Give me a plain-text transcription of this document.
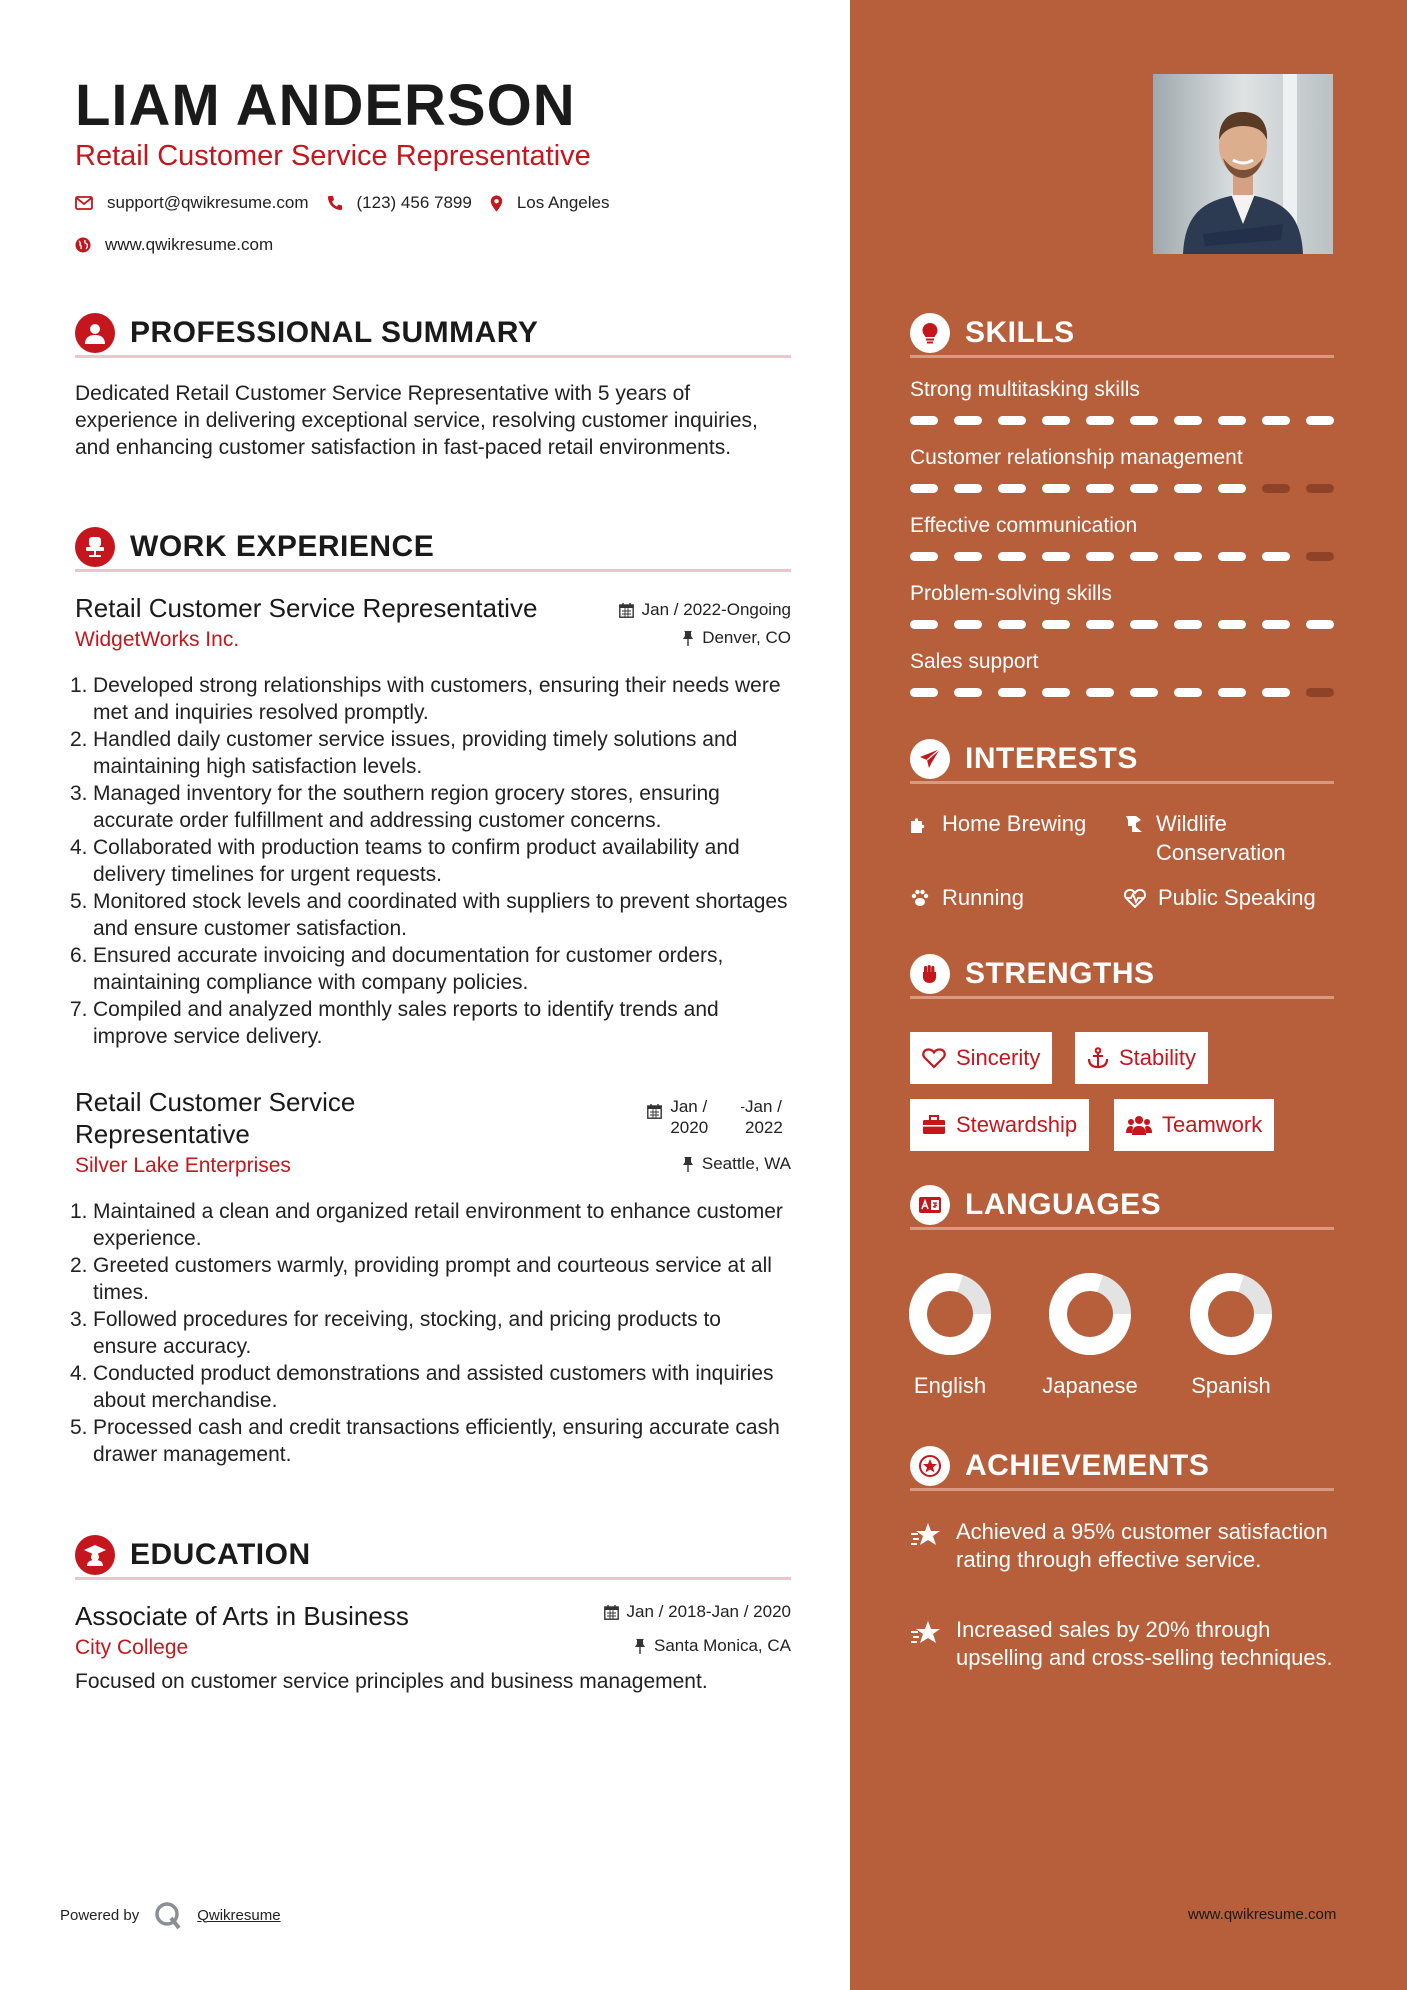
LIAM ANDERSON
Retail Customer Service Representative
support@qwikresume.com	(123) 456 7899	Los Angeles
www.qwikresume.com
PROFESSIONAL SUMMARY
Dedicated Retail Customer Service Representative with 5 years of experience in delivering exceptional service, resolving customer inquiries, and enhancing customer satisfaction in fast-paced retail environments.
WORK EXPERIENCE
Retail Customer Service Representative	Jan / 2022-Ongoing
WidgetWorks Inc.	Denver, CO
1. Developed strong relationships with customers, ensuring their needs were met and inquiries resolved promptly.
2. Handled daily customer service issues, providing timely solutions and maintaining high satisfaction levels.
3. Managed inventory for the southern region grocery stores, ensuring accurate order fulfillment and addressing customer concerns.
4. Collaborated with production teams to confirm product availability and delivery timelines for urgent requests.
5. Monitored stock levels and coordinated with suppliers to prevent shortages and ensure customer satisfaction.
6. Ensured accurate invoicing and documentation for customer orders, maintaining compliance with company policies.
7. Compiled and analyzed monthly sales reports to identify trends and improve service delivery.
Retail Customer Service Representative
Jan / 2020
- Jan / 2022
Silver Lake Enterprises	Seattle, WA
1. Maintained a clean and organized retail environment to enhance customer experience.
2. Greeted customers warmly, providing prompt and courteous service at all times.
3. Followed procedures for receiving, stocking, and pricing products to ensure accuracy.
4. Conducted product demonstrations and assisted customers with inquiries about merchandise.
5. Processed cash and credit transactions efficiently, ensuring accurate cash drawer management.
EDUCATION
Associate of Arts in Business	Jan / 2018-Jan / 2020
City College	Santa Monica, CA
Focused on customer service principles and business management.
SKILLS
Strong multitasking skills
Customer relationship management
Effective communication
Problem-solving skills
Sales support
INTERESTS
Home Brewing	Wildlife Conservation
Running	Public Speaking
STRENGTHS
Sincerity	Stability
Stewardship	Teamwork
LANGUAGES
English	Japanese	Spanish
ACHIEVEMENTS
Achieved a 95% customer satisfaction rating through effective service.
Increased sales by 20% through upselling and cross-selling techniques.
Powered by	Qwikresume	www.qwikresume.com
